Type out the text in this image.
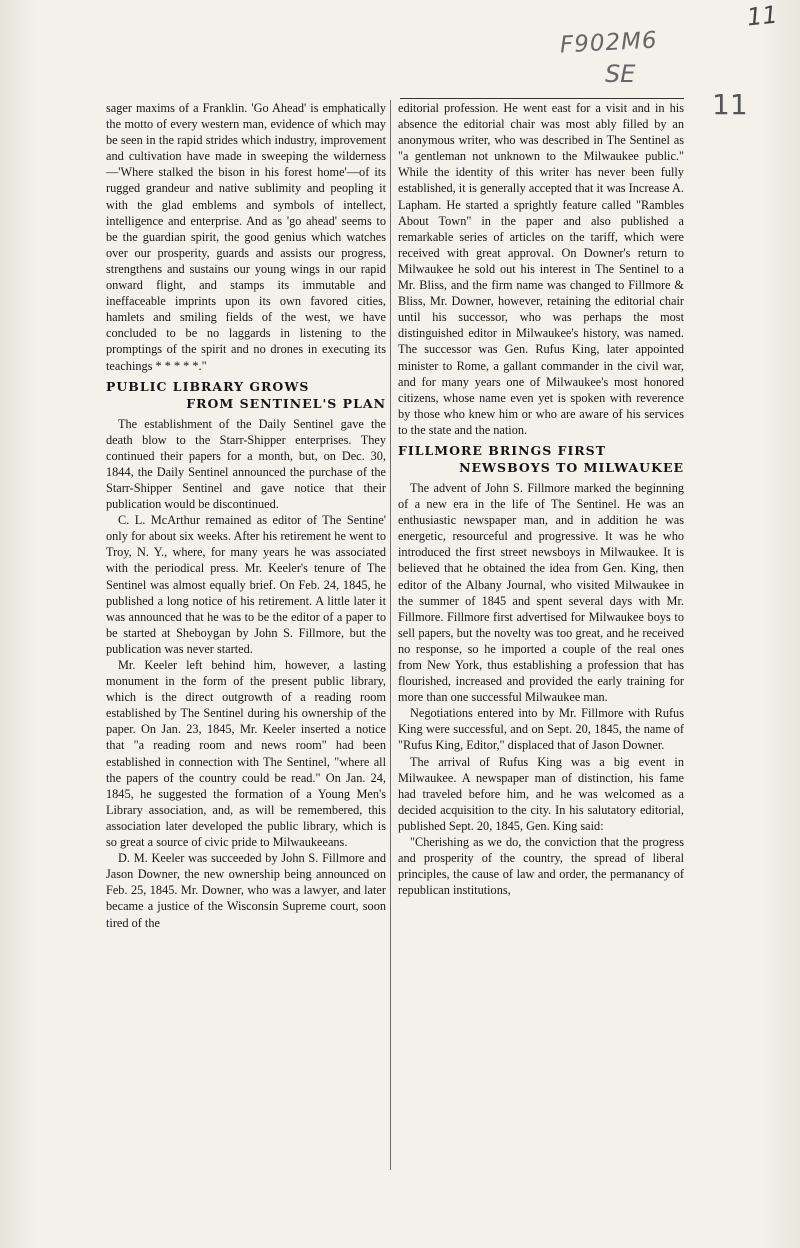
11
F902M6
SE
11

sager maxims of a Franklin. 'Go Ahead' is emphatically the motto of every western man, evidence of which may be seen in the rapid strides which industry, improvement and cultivation have made in sweeping the wilderness—'Where stalked the bison in his forest home'—of its rugged grandeur and native sublimity and peopling it with the glad emblems and symbols of intellect, intelligence and enterprise. And as 'go ahead' seems to be the guardian spirit, the good genius which watches over our prosperity, guards and assists our progress, strengthens and sustains our young wings in our rapid onward flight, and stamps its immutable and ineffaceable imprints upon its own favored cities, hamlets and smiling fields of the west, we have concluded to be no laggards in listening to the promptings of the spirit and no drones in executing its teachings * * * * *."

PUBLIC LIBRARY GROWS
FROM SENTINEL'S PLAN

The establishment of the Daily Sentinel gave the death blow to the Starr-Shipper enterprises. They continued their papers for a month, but, on Dec. 30, 1844, the Daily Sentinel announced the purchase of the Starr-Shipper Sentinel and gave notice that their publication would be discontinued.

C. L. McArthur remained as editor of The Sentine' only for about six weeks. After his retirement he went to Troy, N. Y., where, for many years he was associated with the periodical press. Mr. Keeler's tenure of The Sentinel was almost equally brief. On Feb. 24, 1845, he published a long notice of his retirement. A little later it was announced that he was to be the editor of a paper to be started at Sheboygan by John S. Fillmore, but the publication was never started.

Mr. Keeler left behind him, however, a lasting monument in the form of the present public library, which is the direct outgrowth of a reading room established by The Sentinel during his ownership of the paper. On Jan. 23, 1845, Mr. Keeler inserted a notice that "a reading room and news room" had been established in connection with The Sentinel, "where all the papers of the country could be read." On Jan. 24, 1845, he suggested the formation of a Young Men's Library association, and, as will be remembered, this association later developed the public library, which is so great a source of civic pride to Milwaukeeans.

D. M. Keeler was succeeded by John S. Fillmore and Jason Downer, the new ownership being announced on Feb. 25, 1845. Mr. Downer, who was a lawyer, and later became a justice of the Wisconsin Supreme court, soon tired of the

editorial profession. He went east for a visit and in his absence the editorial chair was most ably filled by an anonymous writer, who was described in The Sentinel as "a gentleman not unknown to the Milwaukee public." While the identity of this writer has never been fully established, it is generally accepted that it was Increase A. Lapham. He started a sprightly feature called "Rambles About Town" in the paper and also published a remarkable series of articles on the tariff, which were received with great approval. On Downer's return to Milwaukee he sold out his interest in The Sentinel to a Mr. Bliss, and the firm name was changed to Fillmore & Bliss, Mr. Downer, however, retaining the editorial chair until his successor, who was perhaps the most distinguished editor in Milwaukee's history, was named. The successor was Gen. Rufus King, later appointed minister to Rome, a gallant commander in the civil war, and for many years one of Milwaukee's most honored citizens, whose name even yet is spoken with reverence by those who knew him or who are aware of his services to the state and the nation.

FILLMORE BRINGS FIRST
NEWSBOYS TO MILWAUKEE

The advent of John S. Fillmore marked the beginning of a new era in the life of The Sentinel. He was an enthusiastic newspaper man, and in addition he was energetic, resourceful and progressive. It was he who introduced the first street newsboys in Milwaukee. It is believed that he obtained the idea from Gen. King, then editor of the Albany Journal, who visited Milwaukee in the summer of 1845 and spent several days with Mr. Fillmore. Fillmore first advertised for Milwaukee boys to sell papers, but the novelty was too great, and he received no response, so he imported a couple of the real ones from New York, thus establishing a profession that has flourished, increased and provided the early training for more than one successful Milwaukee man.

Negotiations entered into by Mr. Fillmore with Rufus King were successful, and on Sept. 20, 1845, the name of "Rufus King, Editor," displaced that of Jason Downer.

The arrival of Rufus King was a big event in Milwaukee. A newspaper man of distinction, his fame had traveled before him, and he was welcomed as a decided acquisition to the city. In his salutatory editorial, published Sept. 20, 1845, Gen. King said:

"Cherishing as we do, the conviction that the progress and prosperity of the country, the spread of liberal principles, the cause of law and order, the permanancy of republican institutions,
